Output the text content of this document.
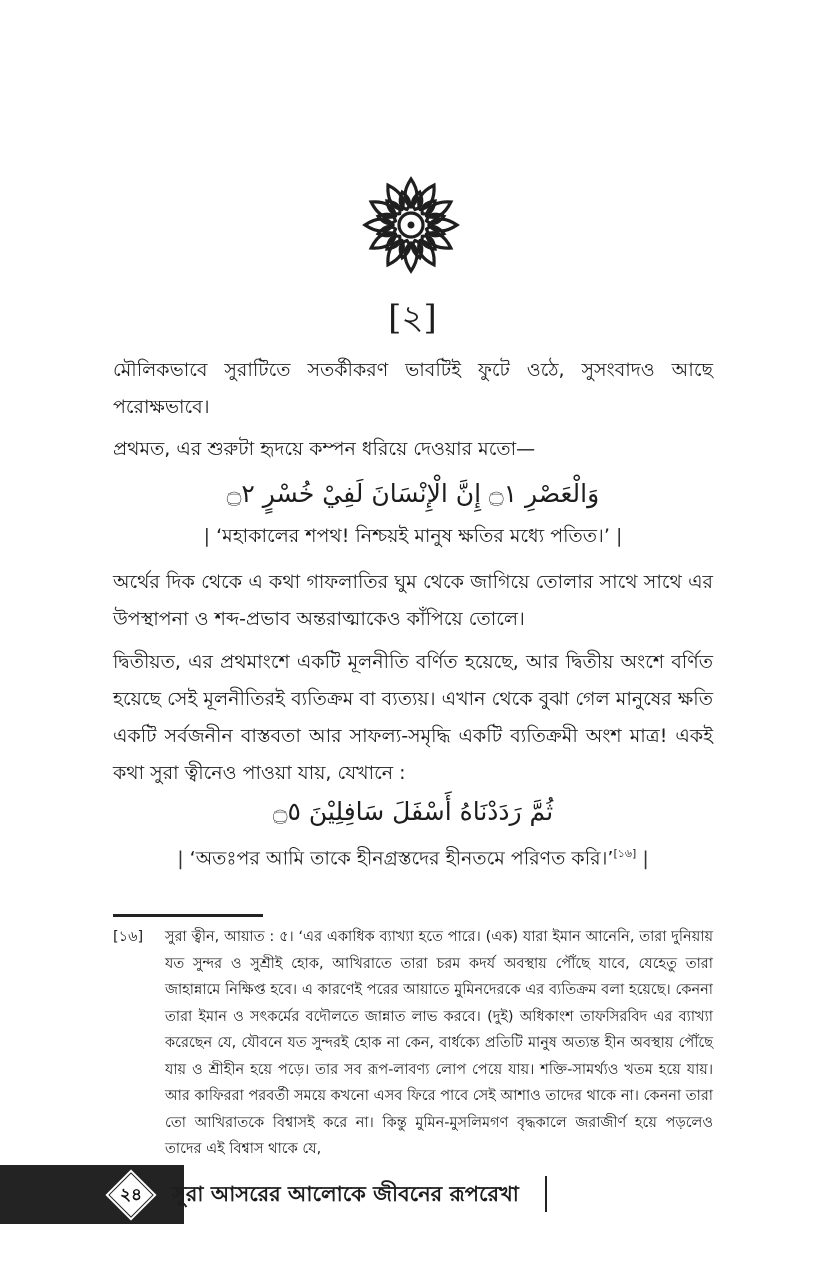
[২]

মৌলিকভাবে সুরাটিতে সতর্কীকরণ ভাবটিই ফুটে ওঠে, সুসংবাদও আছে পরোক্ষভাবে।

প্রথমত, এর শুরুটা হৃদয়ে কম্পন ধরিয়ে দেওয়ার মতো—

وَالْعَصْرِ ۝١ إِنَّ الْإِنْسَانَ لَفِيْ خُسْرٍ ۝٢
| ‘মহাকালের শপথ! নিশ্চয়ই মানুষ ক্ষতির মধ্যে পতিত।’ |

অর্থের দিক থেকে এ কথা গাফলাতির ঘুম থেকে জাগিয়ে তোলার সাথে সাথে এর উপস্থাপনা ও শব্দ-প্রভাব অন্তরাত্মাকেও কাঁপিয়ে তোলে।

দ্বিতীয়ত, এর প্রথমাংশে একটি মূলনীতি বর্ণিত হয়েছে, আর দ্বিতীয় অংশে বর্ণিত হয়েছে সেই মূলনীতিরই ব্যতিক্রম বা ব্যত্যয়। এখান থেকে বুঝা গেল মানুষের ক্ষতি একটি সর্বজনীন বাস্তবতা আর সাফল্য-সমৃদ্ধি একটি ব্যতিক্রমী অংশ মাত্র! একই কথা সুরা ত্বীনেও পাওয়া যায়, যেখানে :

ثُمَّ رَدَدْنَاهُ أَسْفَلَ سَافِلِيْنَ ۝٥
| ‘অতঃপর আমি তাকে হীনগ্রস্তদের হীনতমে পরিণত করি।’[১৬] |
[১৬] সুরা ত্বীন, আয়াত : ৫। ‘এর একাধিক ব্যাখ্যা হতে পারে। (এক) যারা ইমান আনেনি, তারা দুনিয়ায় যত সুন্দর ও সুশ্রীই হোক, আখিরাতে তারা চরম কদর্য অবস্থায় পৌঁছে যাবে, যেহেতু তারা জাহান্নামে নিক্ষিপ্ত হবে। এ কারণেই পরের আয়াতে মুমিনদেরকে এর ব্যতিক্রম বলা হয়েছে। কেননা তারা ইমান ও সৎকর্মের বদৌলতে জান্নাত লাভ করবে। (দুই) অধিকাংশ তাফসিরবিদ এর ব্যাখ্যা করেছেন যে, যৌবনে যত সুন্দরই হোক না কেন, বার্ধক্যে প্রতিটি মানুষ অত্যন্ত হীন অবস্থায় পৌঁছে যায় ও শ্রীহীন হয়ে পড়ে। তার সব রূপ-লাবণ্য লোপ পেয়ে যায়। শক্তি-সামর্থ্যও খতম হয়ে যায়। আর কাফিররা পরবর্তী সময়ে কখনো এসব ফিরে পাবে সেই আশাও তাদের থাকে না। কেননা তারা তো আখিরাতকে বিশ্বাসই করে না। কিন্তু মুমিন-মুসলিমগণ বৃদ্ধকালে জরাজীর্ণ হয়ে পড়লেও তাদের এই বিশ্বাস থাকে যে,
২৪	সুরা আসরের আলোকে জীবনের রূপরেখা
